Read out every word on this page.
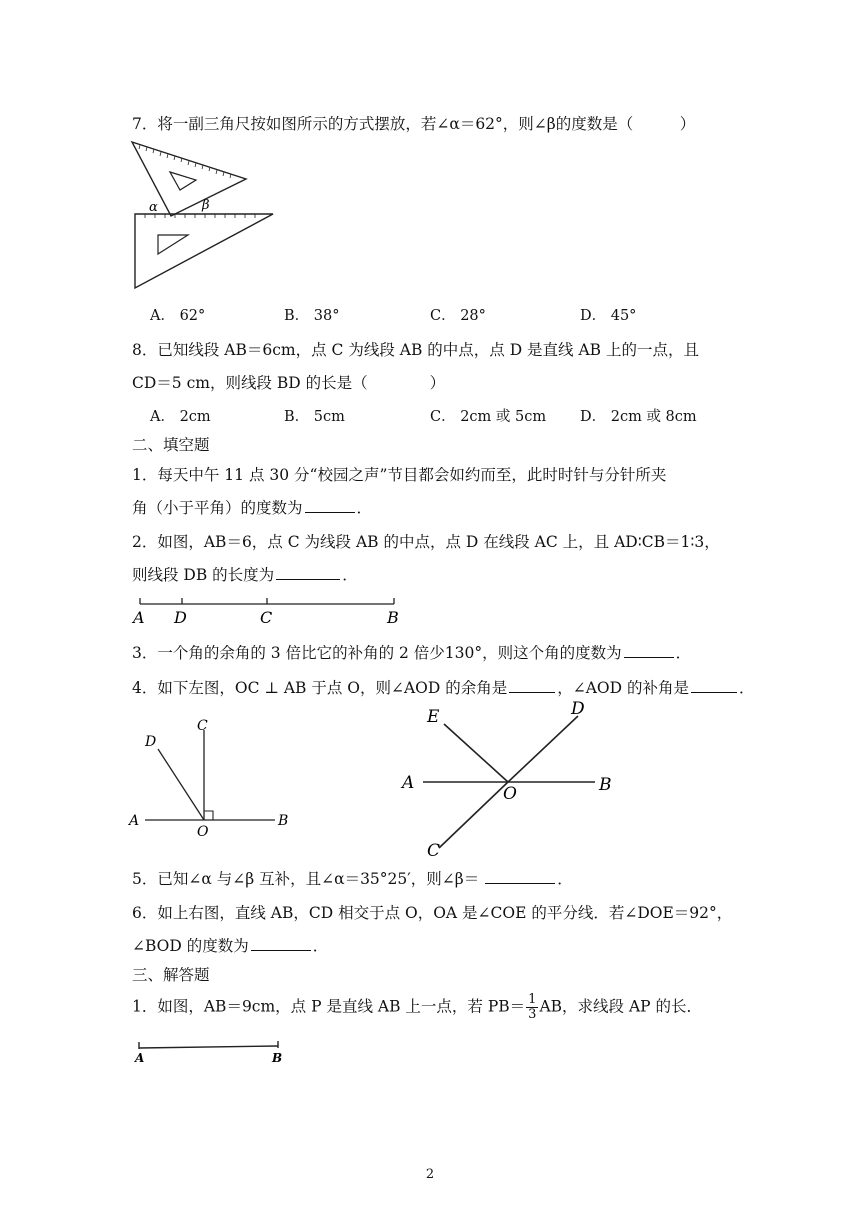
7．将一副三角尺按如图所示的方式摆放，若∠α＝62°，则∠β的度数是（　　　）
α	β
A． 62°	B． 38°	C． 28°	D． 45°
8．已知线段 AB＝6cm，点 C 为线段 AB 的中点，点 D 是直线 AB 上的一点，且
CD＝5 cm，则线段 BD 的长是（　　　　）
A． 2cm	B． 5cm	C． 2cm 或 5cm D． 2cm 或 8cm
二、填空题
1．每天中午 11 点 30 分“校园之声”节目都会如约而至，此时时针与分针所夹
角（小于平角）的度数为	．
2．如图，AB＝6，点 C 为线段 AB 的中点，点 D 在线段 AC 上，且 AD∶CB＝1∶3，
则线段 DB 的长度为	．
A D	C	B
3．一个角的余角的 3 倍比它的补角的 2 倍少130°，则这个角的度数为	．
4．如下左图，OC ⊥ AB 于点 O，则∠AOD 的余角是	，∠AOD 的补角是	．
C
D
A
O
B
E	D
A
O	B
C
5．已知∠α 与∠β 互补，且∠α＝35°25′，则∠β＝	．
6．如上右图，直线 AB，CD 相交于点 O，OA 是∠COE 的平分线．若∠DOE＝92°，
∠BOD 的度数为	．
三、解答题
1．如图，AB＝9cm，点 P 是直线 AB 上一点，若 $PB= \frac{1}{3}$ AB，求线段 AP 的长．
A	B
2
